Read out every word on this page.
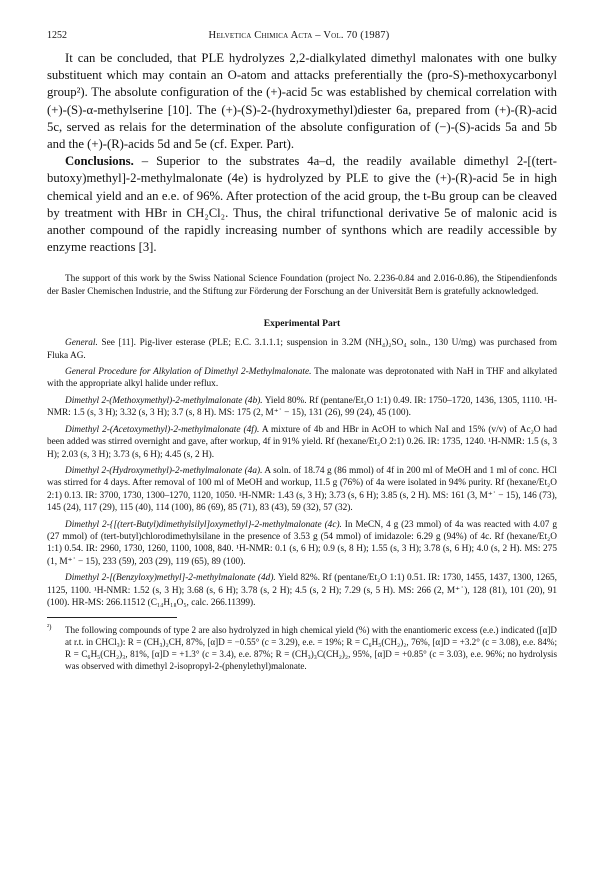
1252	Helvetica Chimica Acta – Vol. 70 (1987)

It can be concluded, that PLE hydrolyzes 2,2-dialkylated dimethyl malonates with one bulky substituent which may contain an O-atom and attacks preferentially the (pro-S)-methoxycarbonyl group²). The absolute configuration of the (+)-acid 5c was established by chemical correlation with (+)-(S)-α-methylserine [10]. The (+)-(S)-2-(hydroxymethyl)diester 6a, prepared from (+)-(R)-acid 5c, served as relais for the determination of the absolute configuration of (−)-(S)-acids 5a and 5b and the (+)-(R)-acids 5d and 5e (cf. Exper. Part).

Conclusions. – Superior to the substrates 4a–d, the readily available dimethyl 2-[(tert-butoxy)methyl]-2-methylmalonate (4e) is hydrolyzed by PLE to give the (+)-(R)-acid 5e in high chemical yield and an e.e. of 96%. After protection of the acid group, the t-Bu group can be cleaved by treatment with HBr in CH₂Cl₂. Thus, the chiral trifunctional derivative 5e of malonic acid is another compound of the rapidly increasing number of synthons which are readily accessible by enzyme reactions [3].

The support of this work by the Swiss National Science Foundation (project No. 2.236-0.84 and 2.016-0.86), the Stipendienfonds der Basler Chemischen Industrie, and the Stiftung zur Förderung der Forschung an der Universität Bern is gratefully acknowledged.

Experimental Part

General. See [11]. Pig-liver esterase (PLE; E.C. 3.1.1.1; suspension in 3.2M (NH₄)₂SO₄ soln., 130 U/mg) was purchased from Fluka AG.

General Procedure for Alkylation of Dimethyl 2-Methylmalonate. The malonate was deprotonated with NaH in THF and alkylated with the appropriate alkyl halide under reflux.

Dimethyl 2-(Methoxymethyl)-2-methylmalonate (4b). Yield 80%. Rf (pentane/Et₂O 1:1) 0.49. IR: 1750–1720, 1436, 1305, 1110. ¹H-NMR: 1.5 (s, 3 H); 3.32 (s, 3 H); 3.7 (s, 8 H). MS: 175 (2, M⁺˙ − 15), 131 (26), 99 (24), 45 (100).

Dimethyl 2-(Acetoxymethyl)-2-methylmalonate (4f). A mixture of 4b and HBr in AcOH to which NaI and 15% (v/v) of Ac₂O had been added was stirred overnight and gave, after workup, 4f in 91% yield. Rf (hexane/Et₂O 2:1) 0.26. IR: 1735, 1240. ¹H-NMR: 1.5 (s, 3 H); 2.03 (s, 3 H); 3.73 (s, 6 H); 4.45 (s, 2 H).

Dimethyl 2-(Hydroxymethyl)-2-methylmalonate (4a). A soln. of 18.74 g (86 mmol) of 4f in 200 ml of MeOH and 1 ml of conc. HCl was stirred for 4 days. After removal of 100 ml of MeOH and workup, 11.5 g (76%) of 4a were isolated in 94% purity. Rf (hexane/Et₂O 2:1) 0.13. IR: 3700, 1730, 1300–1270, 1120, 1050. ¹H-NMR: 1.43 (s, 3 H); 3.73 (s, 6 H); 3.85 (s, 2 H). MS: 161 (3, M⁺˙ − 15), 146 (73), 145 (24), 117 (29), 115 (40), 114 (100), 86 (69), 85 (71), 83 (43), 59 (32), 57 (32).

Dimethyl 2-{[(tert-Butyl)dimethylsilyl]oxymethyl}-2-methylmalonate (4c). In MeCN, 4 g (23 mmol) of 4a was reacted with 4.07 g (27 mmol) of (tert-butyl)chlorodimethylsilane in the presence of 3.53 g (54 mmol) of imidazole: 6.29 g (94%) of 4c. Rf (hexane/Et₂O 1:1) 0.54. IR: 2960, 1730, 1260, 1100, 1008, 840. ¹H-NMR: 0.1 (s, 6 H); 0.9 (s, 8 H); 1.55 (s, 3 H); 3.78 (s, 6 H); 4.0 (s, 2 H). MS: 275 (1, M⁺˙ − 15), 233 (59), 203 (29), 119 (65), 89 (100).

Dimethyl 2-[(Benzyloxy)methyl]-2-methylmalonate (4d). Yield 82%. Rf (pentane/Et₂O 1:1) 0.51. IR: 1730, 1455, 1437, 1300, 1265, 1125, 1100. ¹H-NMR: 1.52 (s, 3 H); 3.68 (s, 6 H); 3.78 (s, 2 H); 4.5 (s, 2 H); 7.29 (s, 5 H). MS: 266 (2, M⁺˙), 128 (81), 101 (20), 91 (100). HR-MS: 266.11512 (C₁₄H₁₈O₅, calc. 266.11399).

²) The following compounds of type 2 are also hydrolyzed in high chemical yield (%) with the enantiomeric excess (e.e.) indicated ([α]D at r.t. in CHCl₃): R = (CH₃)₂CH, 87%, [α]D = −0.55° (c = 3.29), e.e. = 19%; R = C₆H₅(CH₂)₂, 76%, [α]D = +3.2° (c = 3.08), e.e. 84%; R = C₆H₅(CH₂)₃, 81%, [α]D = +1.3° (c = 3.4), e.e. 87%; R = (CH₃)₃C(CH₂)₂, 95%, [α]D = +0.85° (c = 3.03), e.e. 96%; no hydrolysis was observed with dimethyl 2-isopropyl-2-(phenylethyl)malonate.
